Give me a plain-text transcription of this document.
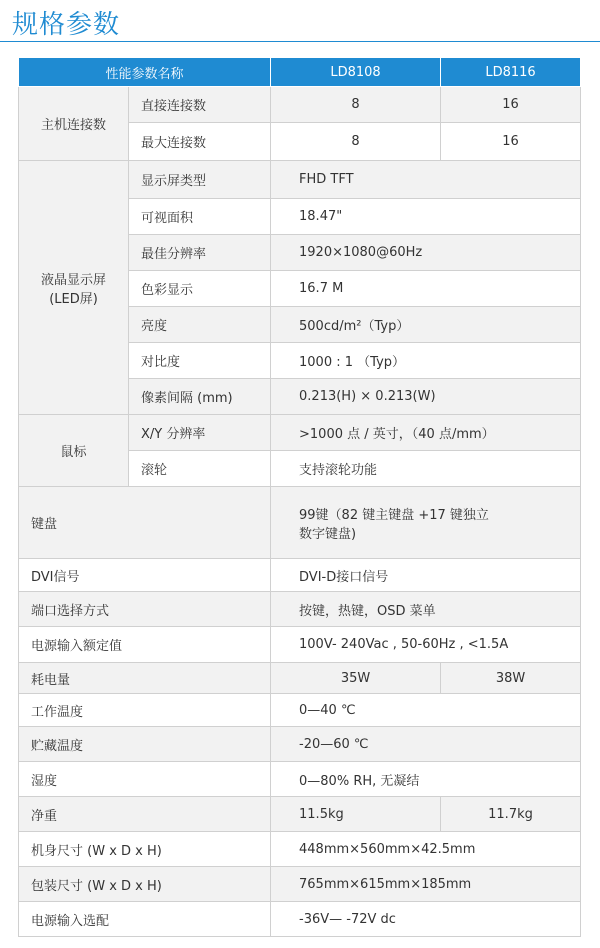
规格参数
性能参数名称		LD8108	LD8116
主机连接数	直接连接数	8	16
	最大连接数	8	16

液晶显示屏
(LED屏)	显示屏类型	FHD TFT	
	可视面积	18.47"	
	最佳分辨率	1920×1080@60Hz	
	色彩显示	16.7 M	
	亮度	500cd/m²（Typ）	
	对比度	1000 : 1 （Typ）	
	像素间隔 (mm)	0.213(H) × 0.213(W)	
鼠标	X/Y 分辨率	>1000 点 / 英寸，（40 点/mm）	
	滚轮	支持滚轮功能	
键盘		99键（82 键主键盘 +17 键独立
数字键盘)	

DVI信号		DVI-D接口信号	
端口选择方式		按键，热键，OSD 菜单	
电源输入额定值		100V- 240Vac , 50-60Hz , <1.5A	
耗电量		35W	38W
工作温度		0—40 ℃	
贮藏温度		-20—60 ℃	
湿度		0—80% RH, 无凝结	
净重		11.5kg	11.7kg
机身尺寸 (W x D x H)		448mm×560mm×42.5mm	
包装尺寸 (W x D x H)		765mm×615mm×185mm	
电源输入选配		-36V— -72V dc	
